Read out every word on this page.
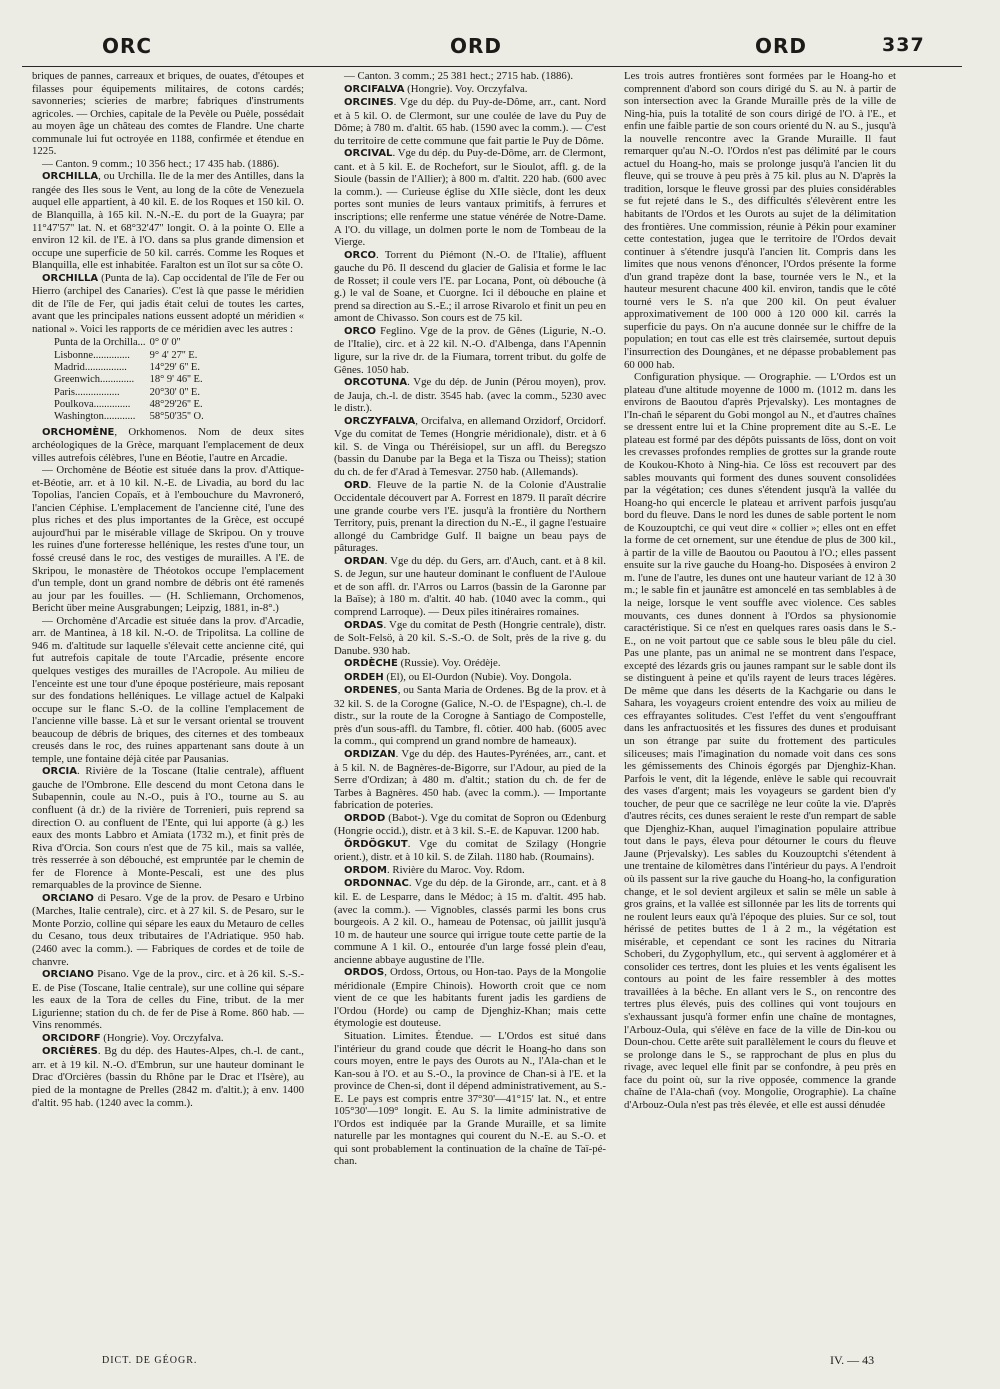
ORC	ORD	ORD	337

briques de pannes, carreaux et briques, de ouates, d'étoupes et filasses pour équipements militaires, de cotons cardés; savonneries; scieries de marbre; fabriques d'instruments agricoles. — Orchies, capitale de la Pevèle ou Puèle, possédait au moyen âge un château des comtes de Flandre. Une charte communale lui fut octroyée en 1188, confirmée et étendue en 1225.

— Canton. 9 comm.; 10 356 hect.; 17 435 hab. (1886).

ORCHILLA, ou Urchilla. Ile de la mer des Antilles, dans la rangée des Iles sous le Vent, au long de la côte de Venezuela auquel elle appartient, à 40 kil. E. de los Roques et 150 kil. O. de Blanquilla, à 165 kil. N.-N.-E. du port de la Guayra; par 11°47'57'' lat. N. et 68°32'47'' longit. O. à la pointe O. Elle a environ 12 kil. de l'E. à l'O. dans sa plus grande dimension et occupe une superficie de 50 kil. carrés. Comme les Roques et Blanquilla, elle est inhabitée. Faralton est un îlot sur sa côte O.

ORCHILLA (Punta de la). Cap occidental de l'île de Fer ou Hierro (archipel des Canaries). C'est là que passe le méridien dit de l'île de Fer, qui jadis était celui de toutes les cartes, avant que les principales nations eussent adopté un méridien « national ». Voici les rapports de ce méridien avec les autres :

Punta de la Orchilla...	0° 0' 0''
Lisbonne..............	9° 4' 27'' E.
Madrid................	14°29' 6'' E.
Greenwich.............	18° 9' 46'' E.
Paris.................	20°30' 0'' E.
Poulkova..............	48°29'26'' E.
Washington............	58°50'35'' O.

ORCHOMÈNE, Orkhomenos. Nom de deux sites archéologiques de la Grèce, marquant l'emplacement de deux villes autrefois célèbres, l'une en Béotie, l'autre en Arcadie.

— Orchomène de Béotie est située dans la prov. d'Attique-et-Béotie, arr. et à 10 kil. N.-E. de Livadia, au bord du lac Topolias, l'ancien Copaïs, et à l'embouchure du Mavroneró, l'ancien Céphise. L'emplacement de l'ancienne cité, l'une des plus riches et des plus importantes de la Grèce, est occupé aujourd'hui par le misérable village de Skripou. On y trouve les ruines d'une forteresse hellénique, les restes d'une tour, un fossé creusé dans le roc, des vestiges de murailles. A l'E. de Skripou, le monastère de Théotokos occupe l'emplacement d'un temple, dont un grand nombre de débris ont été ramenés au jour par les fouilles. — (H. Schliemann, Orchomenos, Bericht über meine Ausgrabungen; Leipzig, 1881, in-8°.)

— Orchomène d'Arcadie est située dans la prov. d'Arcadie, arr. de Mantinea, à 18 kil. N.-O. de Tripolitsa. La colline de 946 m. d'altitude sur laquelle s'élevait cette ancienne cité, qui fut autrefois capitale de toute l'Arcadie, présente encore quelques vestiges des murailles de l'Acropole. Au milieu de l'enceinte est une tour d'une époque postérieure, mais reposant sur des fondations helléniques. Le village actuel de Kalpaki occupe sur le flanc S.-O. de la colline l'emplacement de l'ancienne ville basse. Là et sur le versant oriental se trouvent beaucoup de débris de briques, des citernes et des tombeaux creusés dans le roc, des ruines appartenant sans doute à un temple, une fontaine déjà citée par Pausanias.

ORCIA. Rivière de la Toscane (Italie centrale), affluent gauche de l'Ombrone. Elle descend du mont Cetona dans le Subapennin, coule au N.-O., puis à l'O., tourne au S. au confluent (à dr.) de la rivière de Torrenieri, puis reprend sa direction O. au confluent de l'Ente, qui lui apporte (à g.) les eaux des monts Labbro et Amiata (1732 m.), et finit près de Riva d'Orcia. Son cours n'est que de 75 kil., mais sa vallée, très resserrée à son débouché, est empruntée par le chemin de fer de Florence à Monte-Pescali, est une des plus remarquables de la province de Sienne.

ORCIANO di Pesaro. Vge de la prov. de Pesaro e Urbino (Marches, Italie centrale), circ. et à 27 kil. S. de Pesaro, sur le Monte Porzio, colline qui sépare les eaux du Metauro de celles du Cesano, tous deux tributaires de l'Adriatique. 950 hab. (2460 avec la comm.). — Fabriques de cordes et de toile de chanvre.

ORCIANO Pisano. Vge de la prov., circ. et à 26 kil. S.-S.-E. de Pise (Toscane, Italie centrale), sur une colline qui sépare les eaux de la Tora de celles du Fine, tribut. de la mer Ligurienne; station du ch. de fer de Pise à Rome. 860 hab. — Vins renommés.

ORCIDORF (Hongrie). Voy. Orczyfalva.

ORCIÈRES. Bg du dép. des Hautes-Alpes, ch.-l. de cant., arr. et à 19 kil. N.-O. d'Embrun, sur une hauteur dominant le Drac d'Orcières (bassin du Rhône par le Drac et l'Isère), au pied de la montagne de Prelles (2842 m. d'altit.); à env. 1400 d'altit. 95 hab. (1240 avec la comm.).

— Canton. 3 comm.; 25 381 hect.; 2715 hab. (1886).

ORCIFALVA (Hongrie). Voy. Orczyfalva.

ORCINES. Vge du dép. du Puy-de-Dôme, arr., cant. Nord et à 5 kil. O. de Clermont, sur une coulée de lave du Puy de Dôme; à 780 m. d'altit. 65 hab. (1590 avec la comm.). — C'est du territoire de cette commune que fait partie le Puy de Dôme.

ORCIVAL. Vge du dép. du Puy-de-Dôme, arr. de Clermont, cant. et à 5 kil. E. de Rochefort, sur le Sioulot, affl. g. de la Sioule (bassin de l'Allier); à 800 m. d'altit. 220 hab. (600 avec la comm.). — Curieuse église du XIIe siècle, dont les deux portes sont munies de leurs vantaux primitifs, à ferrures et inscriptions; elle renferme une statue vénérée de Notre-Dame. A l'O. du village, un dolmen porte le nom de Tombeau de la Vierge.

ORCO. Torrent du Piémont (N.-O. de l'Italie), affluent gauche du Pô. Il descend du glacier de Galisia et forme le lac de Rosset; il coule vers l'E. par Locana, Pont, où débouche (à g.) le val de Soane, et Cuorgne. Ici il débouche en plaine et prend sa direction au S.-E.; il arrose Rivarolo et finit un peu en amont de Chivasso. Son cours est de 75 kil.

ORCO Feglino. Vge de la prov. de Gênes (Ligurie, N.-O. de l'Italie), circ. et à 22 kil. N.-O. d'Albenga, dans l'Apennin ligure, sur la rive dr. de la Fiumara, torrent tribut. du golfe de Gênes. 1050 hab.

ORCOTUNA. Vge du dép. de Junin (Pérou moyen), prov. de Jauja, ch.-l. de distr. 3545 hab. (avec la comm., 5230 avec le distr.).

ORCZYFALVA, Orcifalva, en allemand Orzidorf, Orcidorf. Vge du comitat de Temes (Hongrie méridionale), distr. et à 6 kil. S. de Vinga ou Théréisiopel, sur un affl. du Beregszo (bassin du Danube par la Bega et la Tisza ou Theiss); station du ch. de fer d'Arad à Temesvar. 2750 hab. (Allemands).

ORD. Fleuve de la partie N. de la Colonie d'Australie Occidentale découvert par A. Forrest en 1879. Il paraît décrire une grande courbe vers l'E. jusqu'à la frontière du Northern Territory, puis, prenant la direction du N.-E., il gagne l'estuaire allongé du Cambridge Gulf. Il baigne un beau pays de pâturages.

ORDAN. Vge du dép. du Gers, arr. d'Auch, cant. et à 8 kil. S. de Jegun, sur une hauteur dominant le confluent de l'Auloue et de son affl. dr. l'Arros ou Larros (bassin de la Garonne par la Baïse); à 180 m. d'altit. 40 hab. (1040 avec la comm., qui comprend Larroque). — Deux piles itinéraires romaines.

ORDAS. Vge du comitat de Pesth (Hongrie centrale), distr. de Solt-Felsö, à 20 kil. S.-S.-O. de Solt, près de la rive g. du Danube. 930 hab.

ORDÈCHE (Russie). Voy. Orédèje.

ORDEH (El), ou El-Ourdon (Nubie). Voy. Dongola.

ORDENES, ou Santa Maria de Ordenes. Bg de la prov. et à 32 kil. S. de la Corogne (Galice, N.-O. de l'Espagne), ch.-l. de distr., sur la route de la Corogne à Santiago de Compostelle, près d'un sous-affl. du Tambre, fl. côtier. 400 hab. (6005 avec la comm., qui comprend un grand nombre de hameaux).

ORDIZAN. Vge du dép. des Hautes-Pyrénées, arr., cant. et à 5 kil. N. de Bagnères-de-Bigorre, sur l'Adour, au pied de la Serre d'Ordizan; à 480 m. d'altit.; station du ch. de fer de Tarbes à Bagnères. 450 hab. (avec la comm.). — Importante fabrication de poteries.

ORDOD (Babot-). Vge du comitat de Sopron ou Œdenburg (Hongrie occid.), distr. et à 3 kil. S.-E. de Kapuvar. 1200 hab.

ÖRDÖGKUT. Vge du comitat de Szilagy (Hongrie orient.), distr. et à 10 kil. S. de Zilah. 1180 hab. (Roumains).

ORDOM. Rivière du Maroc. Voy. Rdom.

ORDONNAC. Vge du dép. de la Gironde, arr., cant. et à 8 kil. E. de Lesparre, dans le Médoc; à 15 m. d'altit. 495 hab. (avec la comm.). — Vignobles, classés parmi les bons crus bourgeois. A 2 kil. O., hameau de Potensac, où jaillit jusqu'à 10 m. de hauteur une source qui irrigue toute cette partie de la commune A 1 kil. O., entourée d'un large fossé plein d'eau, ancienne abbaye augustine de l'Ile.

ORDOS, Ordoss, Ortous, ou Hon-tao. Pays de la Mongolie méridionale (Empire Chinois). Howorth croit que ce nom vient de ce que les habitants furent jadis les gardiens de l'Ordou (Horde) ou camp de Djenghiz-Khan; mais cette étymologie est douteuse.

Situation. Limites. Étendue. — L'Ordos est situé dans l'intérieur du grand coude que décrit le Hoang-ho dans son cours moyen, entre le pays des Ourots au N., l'Ala-chan et le Kan-sou à l'O. et au S.-O., la province de Chan-si à l'E. et la province de Chen-si, dont il dépend administrativement, au S.-E. Le pays est compris entre 37°30'—41°15' lat. N., et entre 105°30'—109° longit. E. Au S. la limite administrative de l'Ordos est indiquée par la Grande Muraille, et sa limite naturelle par les montagnes qui courent du N.-E. au S.-O. et qui sont probablement la continuation de la chaîne de Taï-pé-chan.

Les trois autres frontières sont formées par le Hoang-ho et comprennent d'abord son cours dirigé du S. au N. à partir de son intersection avec la Grande Muraille près de la ville de Ning-hia, puis la totalité de son cours dirigé de l'O. à l'E., et enfin une faible partie de son cours orienté du N. au S., jusqu'à la nouvelle rencontre avec la Grande Muraille. Il faut remarquer qu'au N.-O. l'Ordos n'est pas délimité par le cours actuel du Hoang-ho, mais se prolonge jusqu'à l'ancien lit du fleuve, qui se trouve à peu près à 75 kil. plus au N. D'après la tradition, lorsque le fleuve grossi par des pluies considérables se fut rejeté dans le S., des difficultés s'élevèrent entre les habitants de l'Ordos et les Ourots au sujet de la délimitation des frontières. Une commission, réunie à Pékin pour examiner cette contestation, jugea que le territoire de l'Ordos devait continuer à s'étendre jusqu'à l'ancien lit. Compris dans les limites que nous venons d'énoncer, l'Ordos présente la forme d'un grand trapèze dont la base, tournée vers le N., et la hauteur mesurent chacune 400 kil. environ, tandis que le côté tourné vers le S. n'a que 200 kil. On peut évaluer approximativement de 100 000 à 120 000 kil. carrés la superficie du pays. On n'a aucune donnée sur le chiffre de la population; en tout cas elle est très clairsemée, surtout depuis l'insurrection des Doungànes, et ne dépasse probablement pas 60 000 hab.

Configuration physique. — Orographie. — L'Ordos est un plateau d'une altitude moyenne de 1000 m. (1012 m. dans les environs de Baoutou d'après Prjevalsky). Les montagnes de l'In-chañ le séparent du Gobi mongol au N., et d'autres chaînes se dressent entre lui et la Chine proprement dite au S.-E. Le plateau est formé par des dépôts puissants de löss, dont on voit les crevasses profondes remplies de grottes sur la grande route de Koukou-Khoto à Ning-hia. Ce löss est recouvert par des sables mouvants qui forment des dunes souvent consolidées par la végétation; ces dunes s'étendent jusqu'à la vallée du Hoang-ho qui encercle le plateau et arrivent parfois jusqu'au bord du fleuve. Dans le nord les dunes de sable portent le nom de Kouzouptchi, ce qui veut dire « collier »; elles ont en effet la forme de cet ornement, sur une étendue de plus de 300 kil., à partir de la ville de Baoutou ou Paoutou à l'O.; elles passent ensuite sur la rive gauche du Hoang-ho. Disposées à environ 2 m. l'une de l'autre, les dunes ont une hauteur variant de 12 à 30 m.; le sable fin et jaunâtre est amoncelé en tas semblables à de la neige, lorsque le vent souffle avec violence. Ces sables mouvants, ces dunes donnent à l'Ordos sa physionomie caractéristique. Si ce n'est en quelques rares oasis dans le S.-E., on ne voit partout que ce sable sous le bleu pâle du ciel. Pas une plante, pas un animal ne se montrent dans l'espace, excepté des lézards gris ou jaunes rampant sur le sable dont ils se distinguent à peine et qu'ils rayent de leurs traces légères. De même que dans les déserts de la Kachgarie ou dans le Sahara, les voyageurs croient entendre des voix au milieu de ces effrayantes solitudes. C'est l'effet du vent s'engouffrant dans les anfractuosités et les fissures des dunes et produisant un son étrange par suite du frottement des particules siliceuses; mais l'imagination du nomade voit dans ces sons les gémissements des Chinois égorgés par Djenghiz-Khan. Parfois le vent, dit la légende, enlève le sable qui recouvrait des vases d'argent; mais les voyageurs se gardent bien d'y toucher, de peur que ce sacrilège ne leur coûte la vie. D'après d'autres récits, ces dunes seraient le reste d'un rempart de sable que Djenghiz-Khan, auquel l'imagination populaire attribue tout dans le pays, éleva pour détourner le cours du fleuve Jaune (Prjevalsky). Les sables du Kouzouptchi s'étendent à une trentaine de kilomètres dans l'intérieur du pays. A l'endroit où ils passent sur la rive gauche du Hoang-ho, la configuration change, et le sol devient argileux et salin se mêle un sable à gros grains, et la vallée est sillonnée par les lits de torrents qui ne roulent leurs eaux qu'à l'époque des pluies. Sur ce sol, tout hérissé de petites buttes de 1 à 2 m., la végétation est misérable, et cependant ce sont les racines du Nitraria Schoberi, du Zygophyllum, etc., qui servent à agglomérer et à consolider ces tertres, dont les pluies et les vents égalisent les contours au point de les faire ressembler à des mottes travaillées à la bêche. En allant vers le S., on rencontre des tertres plus élevés, puis des collines qui vont toujours en s'exhaussant jusqu'à former enfin une chaîne de montagnes, l'Arbouz-Oula, qui s'élève en face de la ville de Din-kou ou Doun-chou. Cette arête suit parallèlement le cours du fleuve et se prolonge dans le S., se rapprochant de plus en plus du rivage, avec lequel elle finit par se confondre, à peu près en face du point où, sur la rive opposée, commence la grande chaîne de l'Ala-chañ (voy. Mongolie, Orographie). La chaîne d'Arbouz-Oula n'est pas très élevée, et elle est aussi dénudée

DICT. DE GÉOGR.	IV. — 43
